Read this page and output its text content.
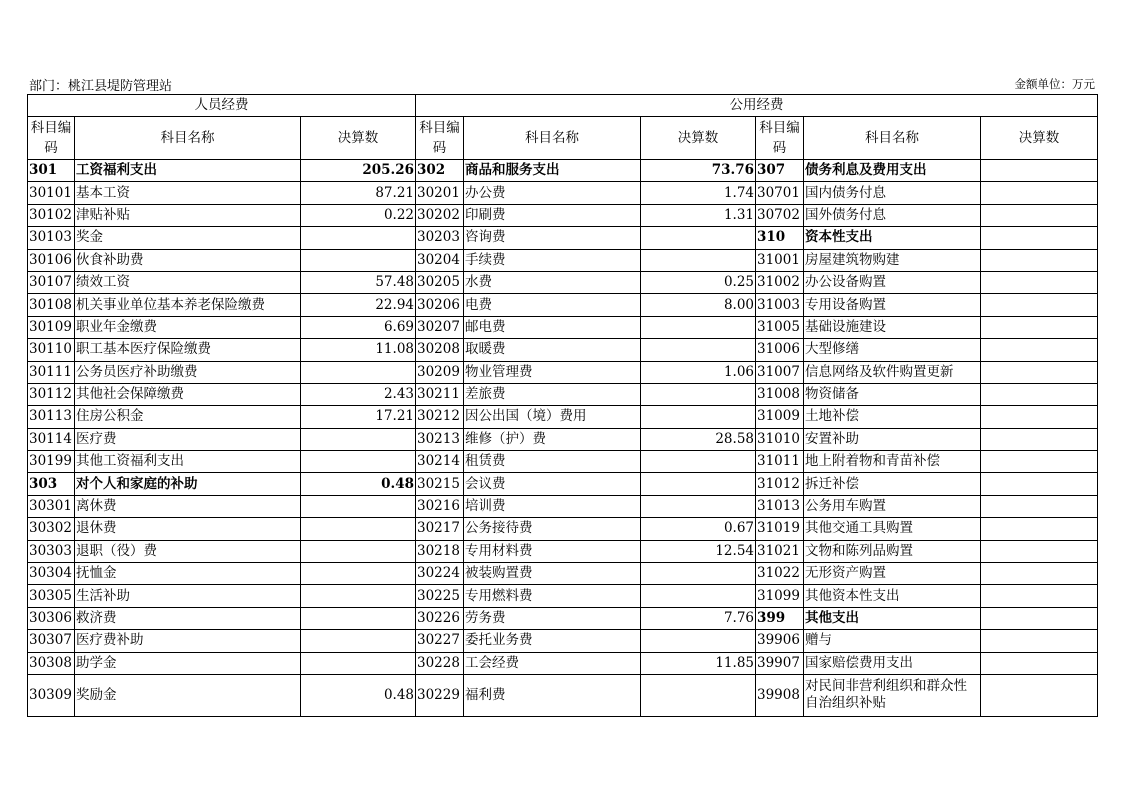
部门：桃江县堤防管理站	金额单位：万元
人员经费			公用经费					
科目编码	科目名称	决算数	科目编码	科目名称	决算数	科目编码	科目名称	决算数
301	工资福利支出	205.26	302	商品和服务支出	73.76	307	债务利息及费用支出	
30101	基本工资	87.21	30201	办公费	1.74	30701	国内债务付息	
30102	津贴补贴	0.22	30202	印刷费	1.31	30702	国外债务付息	
30103	奖金		30203	咨询费		310	资本性支出	
30106	伙食补助费		30204	手续费		31001	房屋建筑物购建	
30107	绩效工资	57.48	30205	水费	0.25	31002	办公设备购置	
30108	机关事业单位基本养老保险缴费	22.94	30206	电费	8.00	31003	专用设备购置	
30109	职业年金缴费	6.69	30207	邮电费		31005	基础设施建设	
30110	职工基本医疗保险缴费	11.08	30208	取暖费		31006	大型修缮	
30111	公务员医疗补助缴费		30209	物业管理费	1.06	31007	信息网络及软件购置更新	
30112	其他社会保障缴费	2.43	30211	差旅费		31008	物资储备	
30113	住房公积金	17.21	30212	因公出国（境）费用		31009	土地补偿	
30114	医疗费		30213	维修（护）费	28.58	31010	安置补助	
30199	其他工资福利支出		30214	租赁费		31011	地上附着物和青苗补偿	
303	对个人和家庭的补助	0.48	30215	会议费		31012	拆迁补偿	
30301	离休费		30216	培训费		31013	公务用车购置	
30302	退休费		30217	公务接待费	0.67	31019	其他交通工具购置	
30303	退职（役）费		30218	专用材料费	12.54	31021	文物和陈列品购置	
30304	抚恤金		30224	被装购置费		31022	无形资产购置	
30305	生活补助		30225	专用燃料费		31099	其他资本性支出	
30306	救济费		30226	劳务费	7.76	399	其他支出	
30307	医疗费补助		30227	委托业务费		39906	赠与	
30308	助学金		30228	工会经费	11.85	39907	国家赔偿费用支出	
30309	奖励金	0.48	30229	福利费		39908	对民间非营利组织和群众性自治组织补贴	
